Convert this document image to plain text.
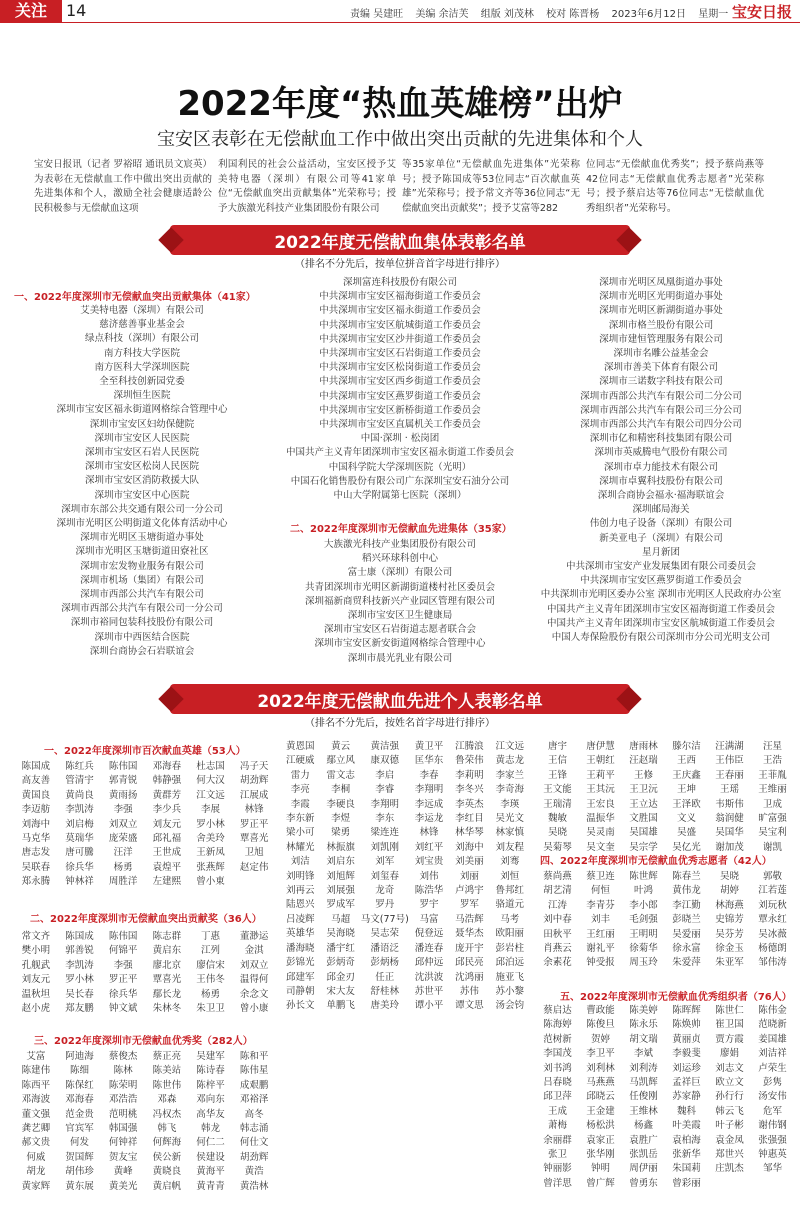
关注	14	责编 吴建旺 美编 余洁芙 组版 刘茂林 校对 陈晋杨 2023年6月12日 星期一 宝安日报
2022年度“热血英雄榜”出炉
宝安区表彰在无偿献血工作中做出突出贡献的先进集体和个人
宝安日报讯（记者 罗裕昭 通讯员文宸英）为表彰在无偿献血工作中做出突出贡献的先进集体和个人，激励全社会健康适龄公民积极参与无偿献血这项
利国利民的社会公益活动，宝安区授予艾美特电器（深圳）有限公司等41家单位“无偿献血突出贡献集体”光荣称号；授予大族激光科技产业集团股份有限公司
等35家单位“无偿献血先进集体”光荣称号；授予陈国成等53位同志“百次献血英雄”光荣称号；授予常文齐等36位同志“无偿献血突出贡献奖”；授予艾富等282
位同志“无偿献血优秀奖”；授予蔡尚燕等42位同志“无偿献血优秀志愿者”光荣称号；授予蔡启达等76位同志“无偿献血优秀组织者”光荣称号。
2022年度无偿献血集体表彰名单
（排名不分先后，按单位拼音首字母进行排序）
一、2022年度深圳市无偿献血突出贡献集体（41家）
艾美特电器（深圳）有限公司
慈济慈善事业基金会
绿点科技（深圳）有限公司
南方科技大学医院
南方医科大学深圳医院
全至科技创新园党委
深圳恒生医院
深圳市宝安区福永街道网格综合管理中心
深圳市宝安区妇幼保健院
深圳市宝安区人民医院
深圳市宝安区石岩人民医院
深圳市宝安区松岗人民医院
深圳市宝安区消防救援大队
深圳市宝安区中心医院
深圳市东部公共交通有限公司一分公司
深圳市光明区公明街道文化体育活动中心
深圳市光明区玉塘街道办事处
深圳市光明区玉塘街道田寮社区
深圳市宏发物业服务有限公司
深圳市机场（集团）有限公司
深圳市西部公共汽车有限公司
深圳市西部公共汽车有限公司一分公司
深圳市裕同包装科技股份有限公司
深圳市中西医结合医院
深圳台商协会石岩联谊会
深圳富连科技股份有限公司
中共深圳市宝安区福海街道工作委员会
中共深圳市宝安区福永街道工作委员会
中共深圳市宝安区航城街道工作委员会
中共深圳市宝安区沙井街道工作委员会
中共深圳市宝安区石岩街道工作委员会
中共深圳市宝安区松岗街道工作委员会
中共深圳市宝安区西乡街道工作委员会
中共深圳市宝安区燕罗街道工作委员会
中共深圳市宝安区新桥街道工作委员会
中共深圳市宝安区直属机关工作委员会
中国·深圳 · 松岗团
中国共产主义青年团深圳市宝安区福永街道工作委员会
中国科学院大学深圳医院（光明）
中国石化销售股份有限公司广东深圳宝安石油分公司
中山大学附属第七医院（深圳）
二、2022年度深圳市无偿献血先进集体（35家）
大族激光科技产业集团股份有限公司
稻兴环球科创中心
富士康（深圳）有限公司
共青团深圳市光明区新湖街道楼村社区委员会
深圳福新商贸科技新兴产业园区管理有限公司
深圳市宝安区卫生健康局
深圳市宝安区石岩街道志愿者联合会
深圳市宝安区新安街道网格综合管理中心
深圳市晨光乳业有限公司
深圳市光明区凤凰街道办事处
深圳市光明区光明街道办事处
深圳市光明区新湖街道办事处
深圳市格兰股份有限公司
深圳市建恒管理服务有限公司
深圳市名雕公益基金会
深圳市善美下体育有限公司
深圳市三诺数字科技有限公司
深圳市西部公共汽车有限公司二分公司
深圳市西部公共汽车有限公司三分公司
深圳市西部公共汽车有限公司四分公司
深圳市亿和精密科技集团有限公司
深圳市英威腾电气股份有限公司
深圳市卓力能技术有限公司
深圳市卓翼科技股份有限公司
深圳合商协会福永·福海联谊会
深圳邮局海关
伟创力电子设备（深圳）有限公司
新美亚电子（深圳）有限公司
星月新团
中共深圳市宝安产业发展集团有限公司委员会
中共深圳市宝安区燕罗街道工作委员会
中共深圳市光明区委办公室 深圳市光明区人民政府办公室
中国共产主义青年团深圳市宝安区福海街道工作委员会
中国共产主义青年团深圳市宝安区航城街道工作委员会
中国人寿保险股份有限公司深圳市分公司光明支公司
2022年度无偿献血先进个人表彰名单
（排名不分先后，按姓名首字母进行排序）
一、2022年度深圳市百次献血英雄（53人）
陈国成	陈红兵	陈伟国	邓海春	杜志国	冯子天
高友善	管清宇	郭青锐	韩静强	何大汉	胡劲辉
黄国良	黄尚良	黄雨扬	黄群芳	江文远	江展成
李迈舫	李凯涛	李强	李少兵	李展	林锋
刘海中	刘启梅	刘双立	刘友元	罗小林	罗正平
马克华	莫瑞华	庞荣盛	邱礼福	舍美玲	覃喜光
唐志发	唐可騰	汪洋	王世成	王新凤	卫旭
吴联春	徐兵华	杨勇	袁煌平	张燕辉	赵定伟
郑永腾	钟林祥	周胜洋	左建熙	曾小東
二、2022年度深圳市无偿献血突出贡献奖（36人）
常文齐	陈国成	陈伟国	陈志群	丁惠	董渺运
樊小明	郭善锐	何锦平	黄启东	江列	金淇
孔舰武	李凯涛	李强	廖北京	廖信宋	刘双立
刘友元	罗小林	罗正平	覃喜光	王伟冬	温得何
温秋坦	吴长春	徐兵华	鄢长龙	杨勇	余念文
赵小虎	郑友鹏	钟文斌	朱林冬	朱卫卫	曾小康
三、2022年度深圳市无偿献血优秀奖（282人）
艾富	阿迪海	蔡俊杰	蔡正亮	吴建军	陈和平
陈建伟	陈细	陈林	陈美站	陈诗春	陈伟星
陈西平	陈保红	陈荣明	陈世伟	陈梓平	成艰鹏
邓海波	邓海春	邓浩浩	邓森	邓向东	邓裕泽
董文强	范金贵	范明桃	冯权杰	高华友	高冬
龚艺卿	官宾军	韩国强	韩飞	韩龙	韩志涌
郝文贵	何发	何钟祥	何辉海	何仁二	何仕文
何威	贺国辉	贺友宝	侯公新	侯建设	胡劲辉
胡龙	胡伟珍	黄峰	黄晓良	黄海平	黄浩
黄家辉	黄东展	黄美光	黄启帆	黄青青	黄浩林
黄恩国	黄云	黄洁强	黄卫平	江腾浪	江文远
江硬威	鄢立风	康双德	匡华东	鲁荣伟	黄志龙
雷力	雷文志	李启	李春	李莉明	李家兰
李亮	李桐	李睿	李翔明	李冬兴	李奇海
李霞	李硬良	李翔明	李远成	李英杰	李瑛
李东新	李煜	李东	李运龙	李红目	吴光文
梁小可	梁勇	梁连连	林锋	林华琴	林家慎
林耀光	林振旗	刘凯刚	刘红平	刘海中	刘友程
刘洁	刘启东	刘军	刘宝贵	刘美丽	刘骞
刘明锋	刘旭辉	刘玺春	刘伟	刘丽	刘恒
刘再云	刘展强	龙奇	陈浩华	卢鸿宇	鲁邦红
陆恩兴	罗成军	罗丹	罗宇	罗军	骆道元
吕凌辉	马超	马文(77号)	马富	马浩辉	马考
英雄华	吴海晓	吴志荣	倪登远	聂华杰	欧阳丽
潘海晓	潘宇红	潘语泛	潘连春	庞开宇	彭岩柱
彭锦光	彭炳奇	彭炳杨	邱仲远	邱民亮	邱泊远
邱建军	邱金刃	任正	沈洪波	沈鸿丽	施亚飞
司静朝	宋大友	舒桂林	苏世平	苏伟	苏小黎
孙长文	单鹏飞	唐美玲	谭小平	谭文思	汤会钧
唐宇	唐伊慧	唐雨林	滕尔洁	汪满湖	汪星
王信	王朝红	汪赵瑞	王西	王伟臣	王浩
王锋	王莉平	王修	王庆鑫	王春丽	王菲胤
王文能	王其沅	王卫沅	王坤	王瑶	王维丽
王瑞清	王宏良	王立达	王泽欧	韦斯伟	卫成
魏敏	温振华	文胜国	文义	翁润健	旷富强
吴晓	吴灵南	吴国雄	吴盛	吴国华	吴宝利
吴菊琴	吴文奎	吴宗学	吴亿光	谢加茂	谢凯
四、2022年度深圳市无偿献血优秀志愿者（42人）
蔡尚燕	蔡卫连	陈世辉	陈春兰	吴晓	郭敬
胡艺清	何恒	叶鸿	黄伟龙	胡婷	江若莲
江涛	李青芬	李小郎	李江勤	林海燕	刘玩秋
刘中春	刘丰	毛剑强	彭晓兰	史锦芳	覃永红
田秋平	王红丽	王明明	吴爱丽	吴芬芳	吴冰薇
肖燕云	谢礼平	徐菊华	徐永富	徐金玉	杨德朗
余素花	钟受报	周玉玲	朱爱萍	朱亚军	邹伟涛
五、2022年度深圳市无偿献血优秀组织者（76人）
蔡启达	曹政能	陈美婷	陈晖辉	陈世仁	陈伟金
陈海婷	陈俊旦	陈永乐	陈焕帅	崔卫国	范晓新
范树新	贺婷	胡文瑞	黄丽贞	贾方霞	姜国雄
李国茂	李卫平	李斌	李毅斐	廖娟	刘洁祥
刘书鸿	刘利林	刘利涛	刘运珍	刘志文	卢荣生
吕春晓	马燕燕	马凯辉	孟祥巨	欧立文	彭隽
邱卫萍	邱晓云	任俊刚	苏家静	孙行行	汤安伟
王成	王金建	王维林	魏科	韩云飞	危军
萧梅	杨松洪	杨鑫	叶美霞	叶子彬	谢伟钢
余丽群	袁家正	袁胜广	袁柏海	袁金凤	张强强
张卫	张华刚	张凯岳	张新华	郑世兴	钟惠英
钟丽影	钟明	周伊丽	朱国莉	庄凯杰	邹华
曾洋思	曾广辉	曾勇东	曾彩丽
